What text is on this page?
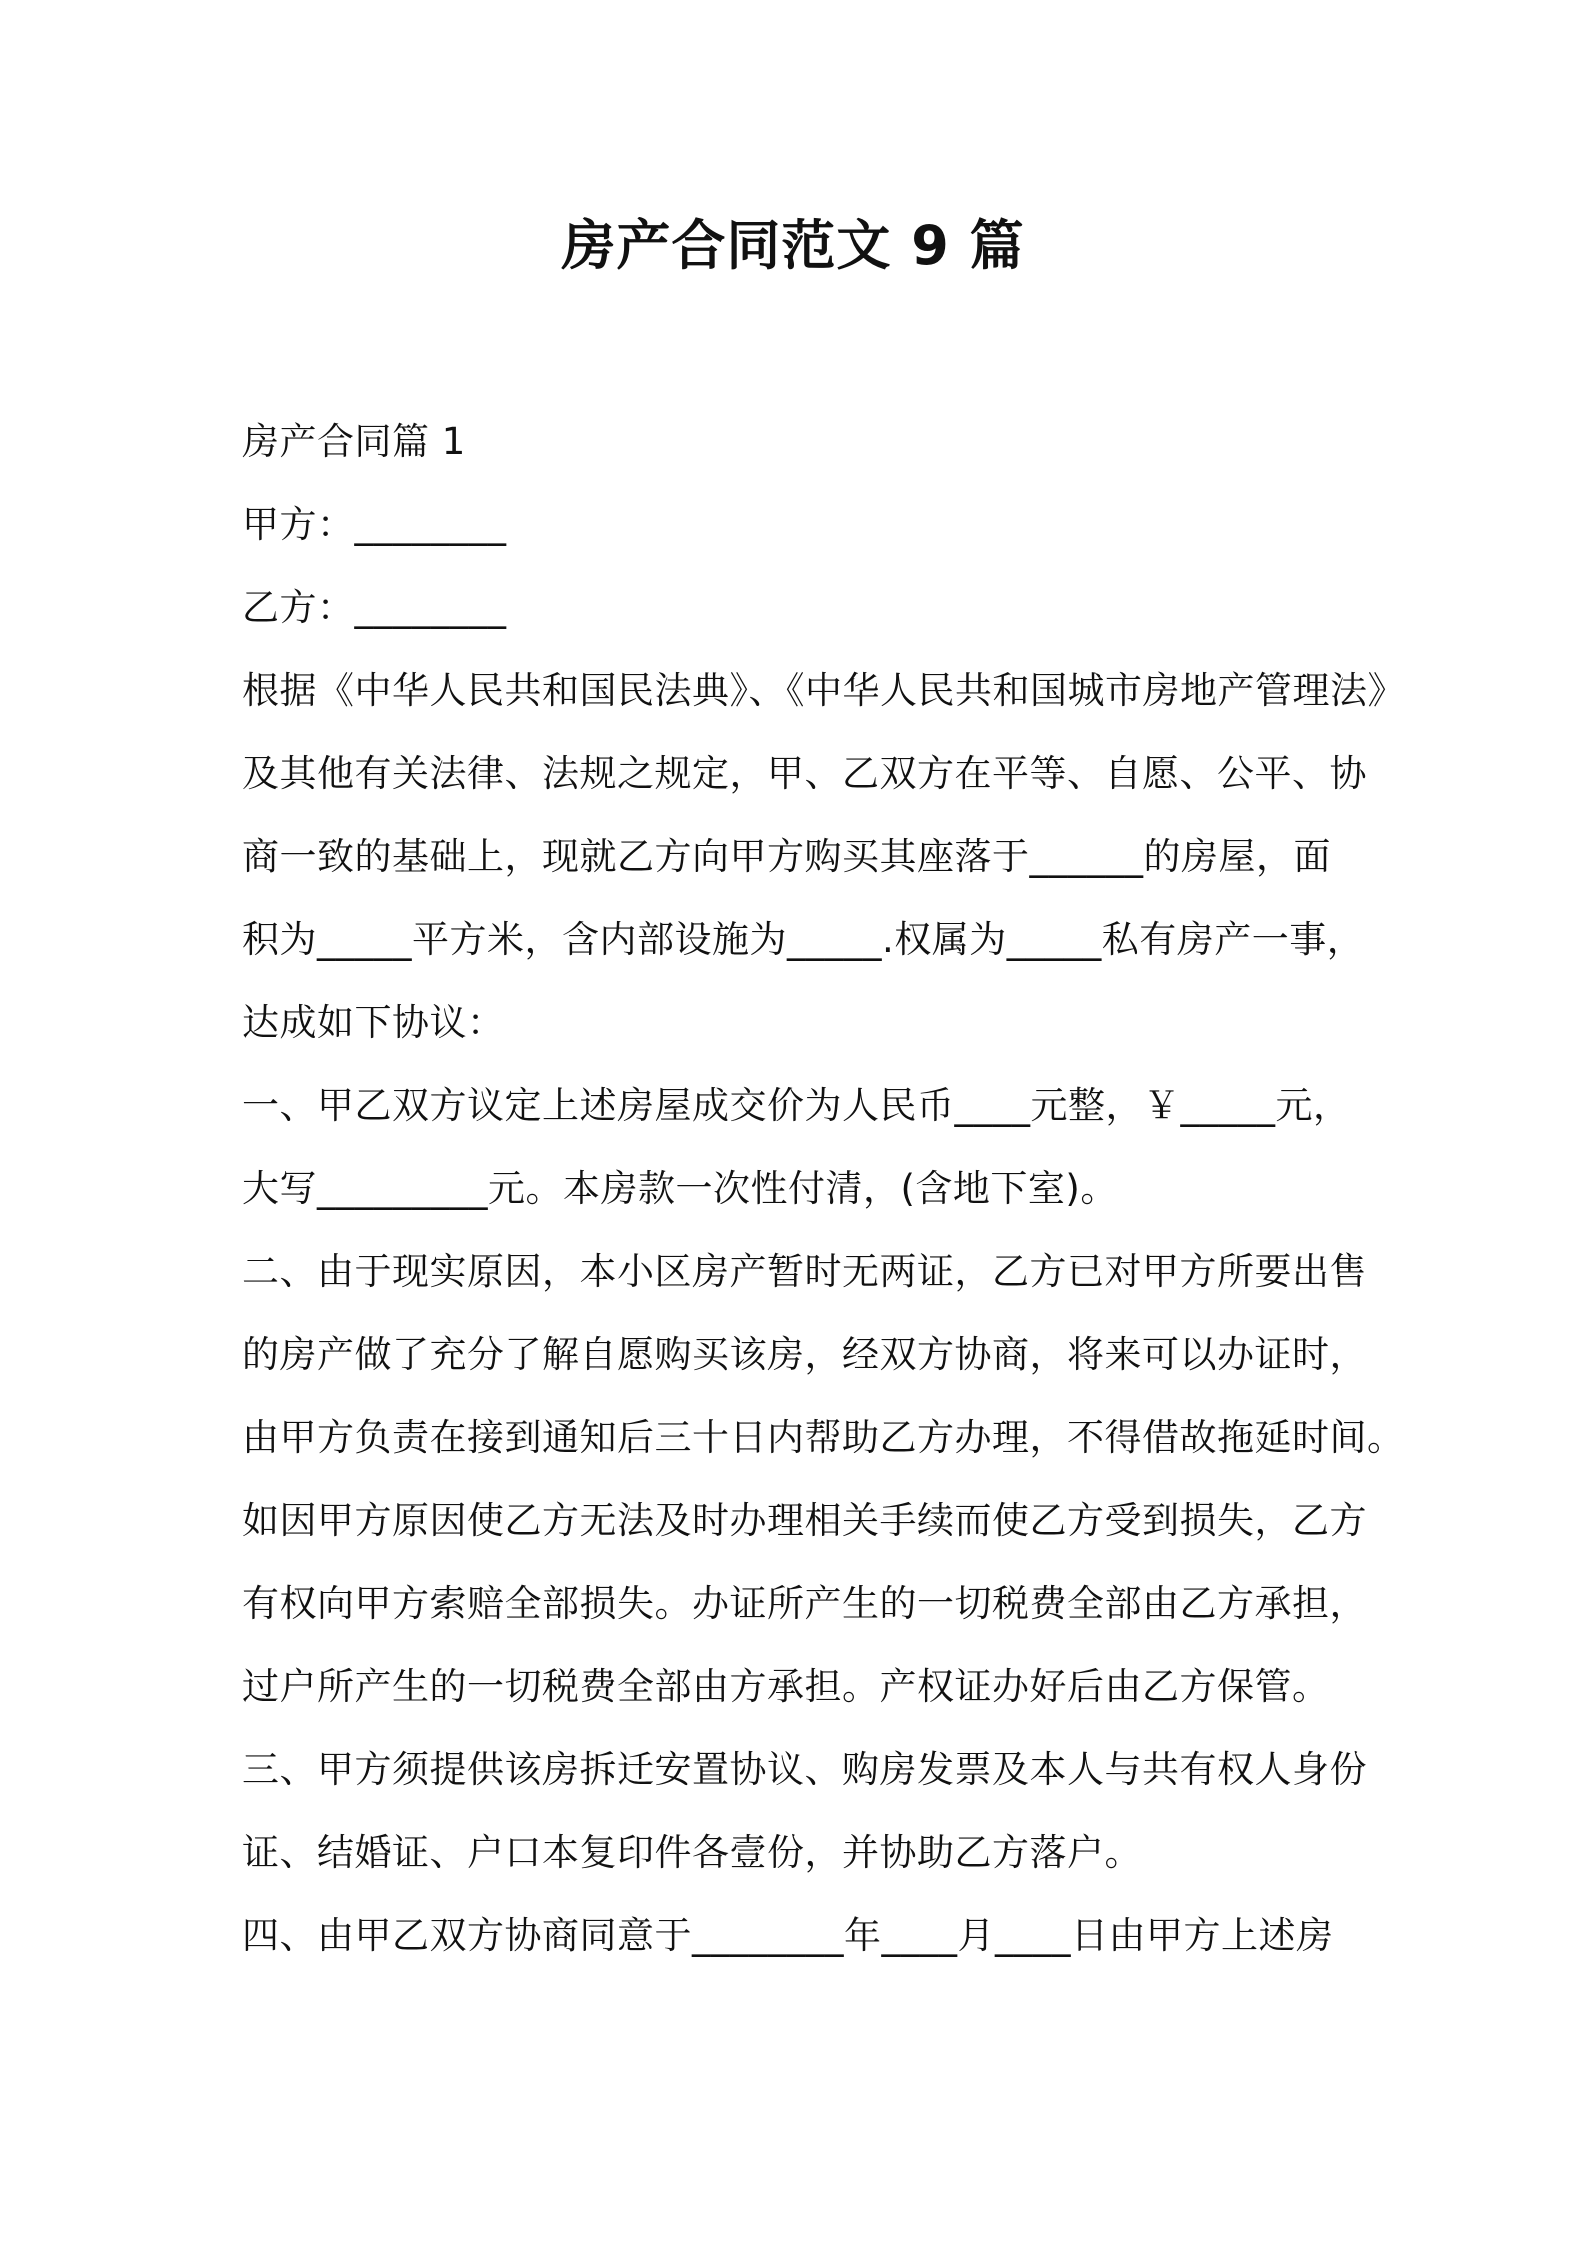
房产合同范文 9 篇
房产合同篇 1
甲方：________
乙方：________
根据《中华人民共和国民法典》、《中华人民共和国城市房地产管理法》
及其他有关法律、法规之规定，甲、乙双方在平等、自愿、公平、协
商一致的基础上，现就乙方向甲方购买其座落于______的房屋，面
积为_____平方米，含内部设施为_____.权属为_____私有房产一事，
达成如下协议：
一、甲乙双方议定上述房屋成交价为人民币____元整，￥_____元，
大写_________元。本房款一次性付清，(含地下室)。
二、由于现实原因，本小区房产暂时无两证，乙方已对甲方所要出售
的房产做了充分了解自愿购买该房，经双方协商，将来可以办证时，
由甲方负责在接到通知后三十日内帮助乙方办理，不得借故拖延时间。
如因甲方原因使乙方无法及时办理相关手续而使乙方受到损失，乙方
有权向甲方索赔全部损失。办证所产生的一切税费全部由乙方承担，
过户所产生的一切税费全部由方承担。产权证办好后由乙方保管。
三、甲方须提供该房拆迁安置协议、购房发票及本人与共有权人身份
证、结婚证、户口本复印件各壹份，并协助乙方落户。
四、由甲乙双方协商同意于________年____月____日由甲方上述房
